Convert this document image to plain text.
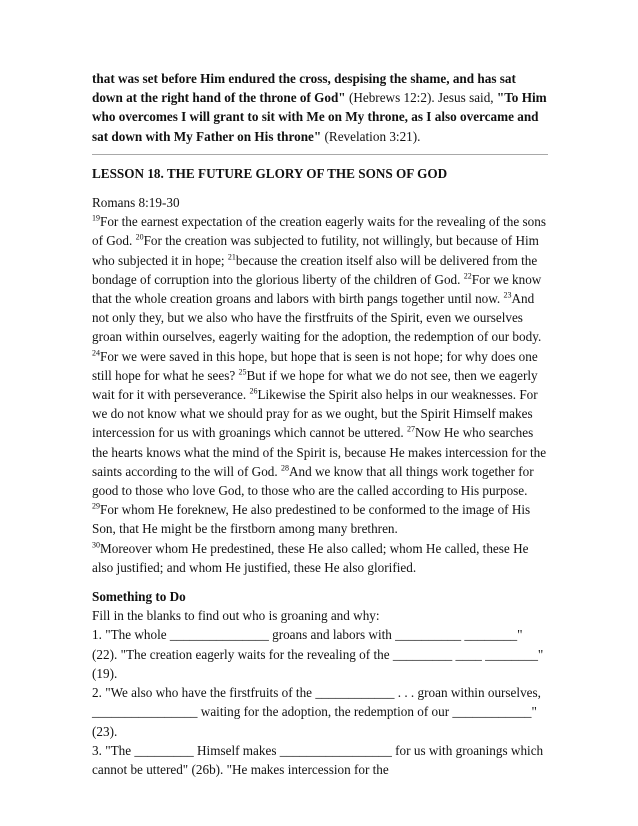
that was set before Him endured the cross, despising the shame, and has sat down at the right hand of the throne of God" (Hebrews 12:2). Jesus said, "To Him who overcomes I will grant to sit with Me on My throne, as I also overcame and sat down with My Father on His throne" (Revelation 3:21).

LESSON 18. THE FUTURE GLORY OF THE SONS OF GOD

Romans 8:19-30

$^{19}$For the earnest expectation of the creation eagerly waits for the revealing of the sons of God. $^{20}$For the creation was subjected to futility, not willingly, but because of Him who subjected it in hope; $^{21}$because the creation itself also will be delivered from the bondage of corruption into the glorious liberty of the children of God. $^{22}$For we know that the whole creation groans and labors with birth pangs together until now. $^{23}$And not only they, but we also who have the firstfruits of the Spirit, even we ourselves groan within ourselves, eagerly waiting for the adoption, the redemption of our body. $^{24}$For we were saved in this hope, but hope that is seen is not hope; for why does one still hope for what he sees? $^{25}$But if we hope for what we do not see, then we eagerly wait for it with perseverance. $^{26}$Likewise the Spirit also helps in our weaknesses. For we do not know what we should pray for as we ought, but the Spirit Himself makes intercession for us with groanings which cannot be uttered. $^{27}$Now He who searches the hearts knows what the mind of the Spirit is, because He makes intercession for the saints according to the will of God. $^{28}$And we know that all things work together for good to those who love God, to those who are the called according to His purpose. $^{29}$For whom He foreknew, He also predestined to be conformed to the image of His Son, that He might be the firstborn among many brethren.

$^{30}$Moreover whom He predestined, these He also called; whom He called, these He also justified; and whom He justified, these He also glorified.

Something to Do

Fill in the blanks to find out who is groaning and why:

1. "The whole _______________ groans and labors with __________ ________" (22). "The creation eagerly waits for the revealing of the _________ ____ ________" (19).

2. "We also who have the firstfruits of the ____________ . . . groan within ourselves, ________________ waiting for the adoption, the redemption of our ____________" (23).

3. "The _________ Himself makes _________________ for us with groanings which cannot be uttered" (26b). "He makes intercession for the
